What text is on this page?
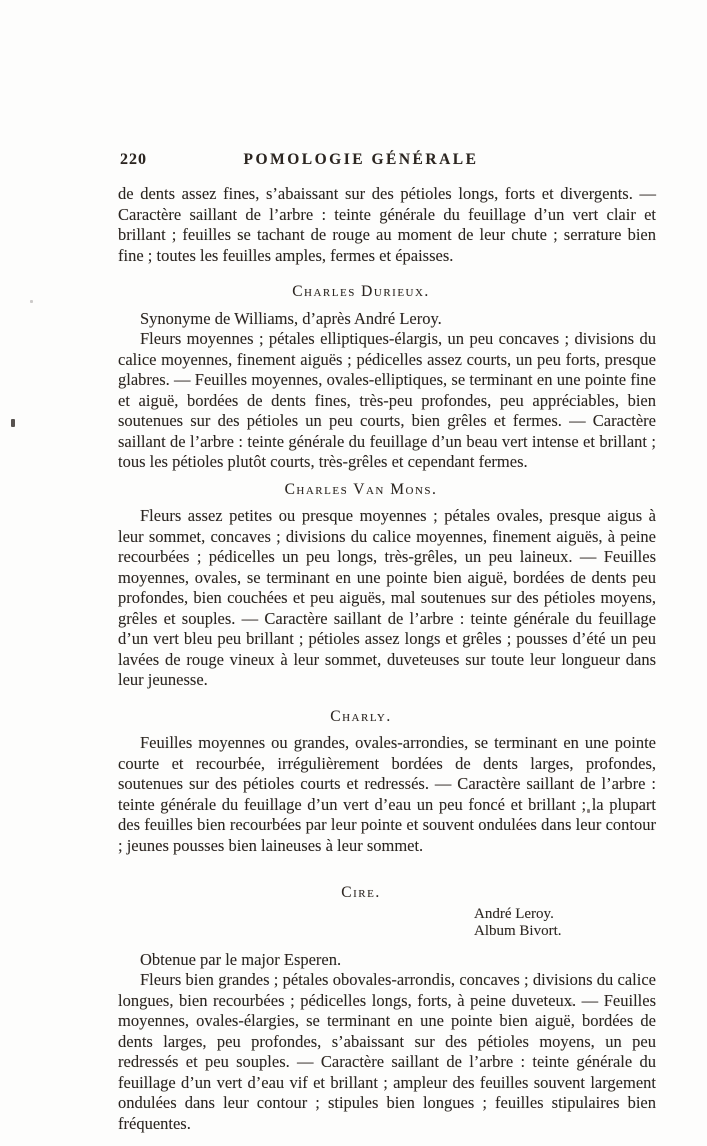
220	POMOLOGIE GÉNÉRALE

de dents assez fines, s’abaissant sur des pétioles longs, forts et divergents. — Caractère saillant de l’arbre : teinte générale du feuillage d’un vert clair et brillant ; feuilles se tachant de rouge au moment de leur chute ; serrature bien fine ; toutes les feuilles amples, fermes et épaisses.

Charles Durieux.

Synonyme de Williams, d’après André Leroy.

Fleurs moyennes ; pétales elliptiques-élargis, un peu concaves ; divisions du calice moyennes, finement aiguës ; pédicelles assez courts, un peu forts, presque glabres. — Feuilles moyennes, ovales-elliptiques, se terminant en une pointe fine et aiguë, bordées de dents fines, très-peu profondes, peu appréciables, bien soutenues sur des pétioles un peu courts, bien grêles et fermes. — Caractère saillant de l’arbre : teinte générale du feuillage d’un beau vert intense et brillant ; tous les pétioles plutôt courts, très-grêles et cependant fermes.

Charles Van Mons.

Fleurs assez petites ou presque moyennes ; pétales ovales, presque aigus à leur sommet, concaves ; divisions du calice moyennes, finement aiguës, à peine recourbées ; pédicelles un peu longs, très-grêles, un peu laineux. — Feuilles moyennes, ovales, se terminant en une pointe bien aiguë, bordées de dents peu profondes, bien couchées et peu aiguës, mal soutenues sur des pétioles moyens, grêles et souples. — Caractère saillant de l’arbre : teinte générale du feuillage d’un vert bleu peu brillant ; pétioles assez longs et grêles ; pousses d’été un peu lavées de rouge vineux à leur sommet, duveteuses sur toute leur longueur dans leur jeunesse.

Charly.

Feuilles moyennes ou grandes, ovales-arrondies, se terminant en une pointe courte et recourbée, irrégulièrement bordées de dents larges, profondes, soutenues sur des pétioles courts et redressés. — Caractère saillant de l’arbre : teinte générale du feuillage d’un vert d’eau un peu foncé et brillant ; la plupart des feuilles bien recourbées par leur pointe et souvent ondulées dans leur contour ; jeunes pousses bien laineuses à leur sommet.

Cire.
André Leroy.
Album Bivort.

Obtenue par le major Esperen.

Fleurs bien grandes ; pétales obovales-arrondis, concaves ; divisions du calice longues, bien recourbées ; pédicelles longs, forts, à peine duveteux. — Feuilles moyennes, ovales-élargies, se terminant en une pointe bien aiguë, bordées de dents larges, peu profondes, s’abaissant sur des pétioles moyens, un peu redressés et peu souples. — Caractère saillant de l’arbre : teinte générale du feuillage d’un vert d’eau vif et brillant ; ampleur des feuilles souvent largement ondulées dans leur contour ; stipules bien longues ; feuilles stipulaires bien fréquentes.
